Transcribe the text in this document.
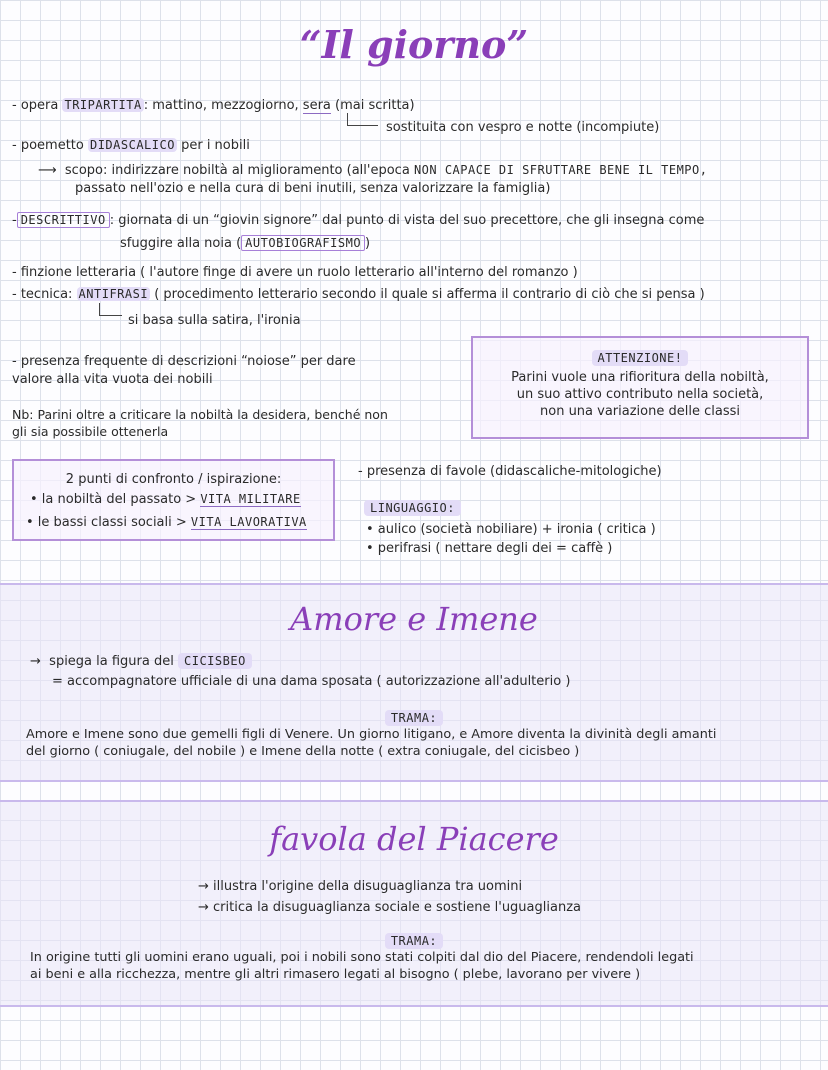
“Il giorno”
- opera TRIPARTITA : mattino, mezzogiorno, sera (mai scritta)
sostituita con vespro e notte (incompiute)
- poemetto DIDASCALICO per i nobili
⟶ scopo: indirizzare nobiltà al miglioramento (all'epoca NON CAPACE DI SFRUTTARE BENE IL TEMPO,
passato nell'ozio e nella cura di beni inutili, senza valorizzare la famiglia)
- DESCRITTIVO : giornata di un “giovin signore” dal punto di vista del suo precettore, che gli insegna come
sfuggire alla noia ( AUTOBIOGRAFISMO )
- finzione letteraria ( l'autore finge di avere un ruolo letterario all'interno del romanzo )
- tecnica: ANTIFRASI ( procedimento letterario secondo il quale si afferma il contrario di ciò che si pensa )
si basa sulla satira, l'ironia
- presenza frequente di descrizioni “noiose” per dare
valore alla vita vuota dei nobili
Nb: Parini oltre a criticare la nobiltà la desidera, benché non
gli sia possibile ottenerla
ATTENZIONE!
Parini vuole una rifioritura della nobiltà,
un suo attivo contributo nella società,
non una variazione delle classi
2 punti di confronto / ispirazione:
• la nobiltà del passato > VITA MILITARE
• le bassi classi sociali > VITA LAVORATIVA
- presenza di favole (didascaliche-mitologiche)
LINGUAGGIO:
• aulico (società nobiliare) + ironia ( critica )
• perifrasi ( nettare degli dei = caffè )
Amore e Imene
→ spiega la figura del CICISBEO
= accompagnatore ufficiale di una dama sposata ( autorizzazione all'adulterio )
TRAMA:
Amore e Imene sono due gemelli figli di Venere. Un giorno litigano, e Amore diventa la divinità degli amanti
del giorno ( coniugale, del nobile ) e Imene della notte ( extra coniugale, del cicisbeo )
favola del Piacere
→ illustra l'origine della disuguaglianza tra uomini
→ critica la disuguaglianza sociale e sostiene l'uguaglianza
TRAMA:
In origine tutti gli uomini erano uguali, poi i nobili sono stati colpiti dal dio del Piacere, rendendoli legati
ai beni e alla ricchezza, mentre gli altri rimasero legati al bisogno ( plebe, lavorano per vivere )
